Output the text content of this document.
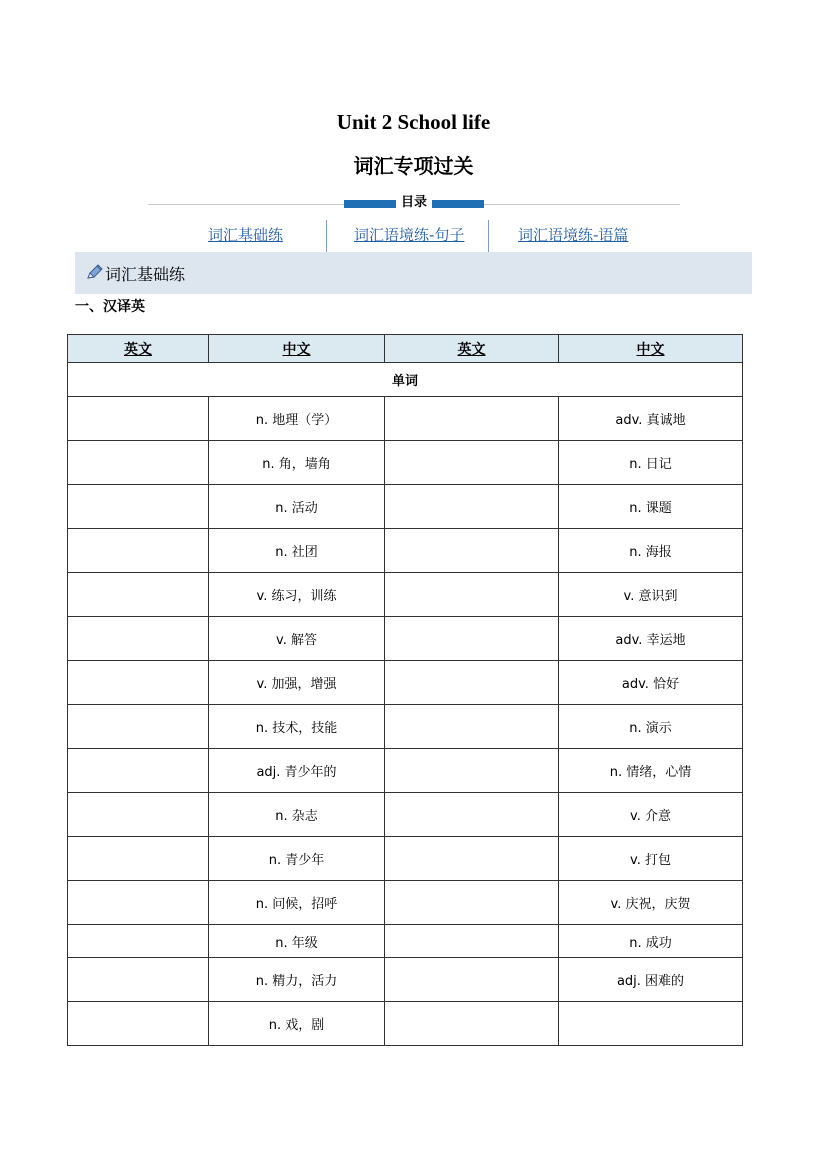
Unit 2 School life
词汇专项过关
目录
词汇基础练	词汇语境练-句子	词汇语境练-语篇
词汇基础练
一、汉译英
英文	中文	英文	中文
单词			
	n. 地理（学）		adv. 真诚地
	n. 角，墙角		n. 日记
	n. 活动		n. 课题
	n. 社团		n. 海报
	v. 练习，训练		v. 意识到
	v. 解答		adv. 幸运地
	v. 加强，增强		adv. 恰好
	n. 技术，技能		n. 演示
	adj. 青少年的		n. 情绪，心情
	n. 杂志		v. 介意
	n. 青少年		v. 打包
	n. 问候，招呼		v. 庆祝，庆贺
	n. 年级		n. 成功
	n. 精力，活力		adj. 困难的
	n. 戏，剧		
